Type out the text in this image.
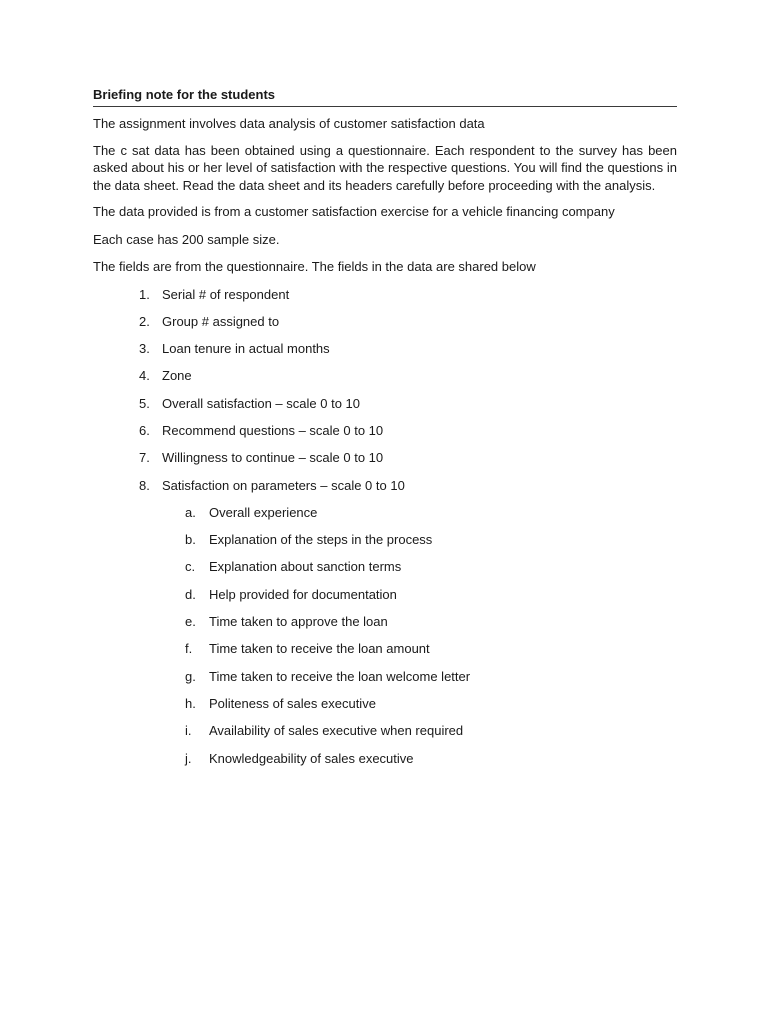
Briefing note for the students

The assignment involves data analysis of customer satisfaction data

The c sat data has been obtained using a questionnaire. Each respondent to the survey has been asked about his or her level of satisfaction with the respective questions. You will find the questions in the data sheet. Read the data sheet and its headers carefully before proceeding with the analysis.

The data provided is from a customer satisfaction exercise for a vehicle financing company

Each case has 200 sample size.

The fields are from the questionnaire. The fields in the data are shared below

1. Serial # of respondent
2. Group # assigned to
3. Loan tenure in actual months
4. Zone
5. Overall satisfaction – scale 0 to 10
6. Recommend questions – scale 0 to 10
7. Willingness to continue – scale 0 to 10
8. Satisfaction on parameters – scale 0 to 10
a.	Overall experience
b.	Explanation of the steps in the process
c.	Explanation about sanction terms
d.	Help provided for documentation
e.	Time taken to approve the loan
f.	Time taken to receive the loan amount
g.	Time taken to receive the loan welcome letter
h.	Politeness of sales executive
i.	Availability of sales executive when required
j.	Knowledgeability of sales executive
